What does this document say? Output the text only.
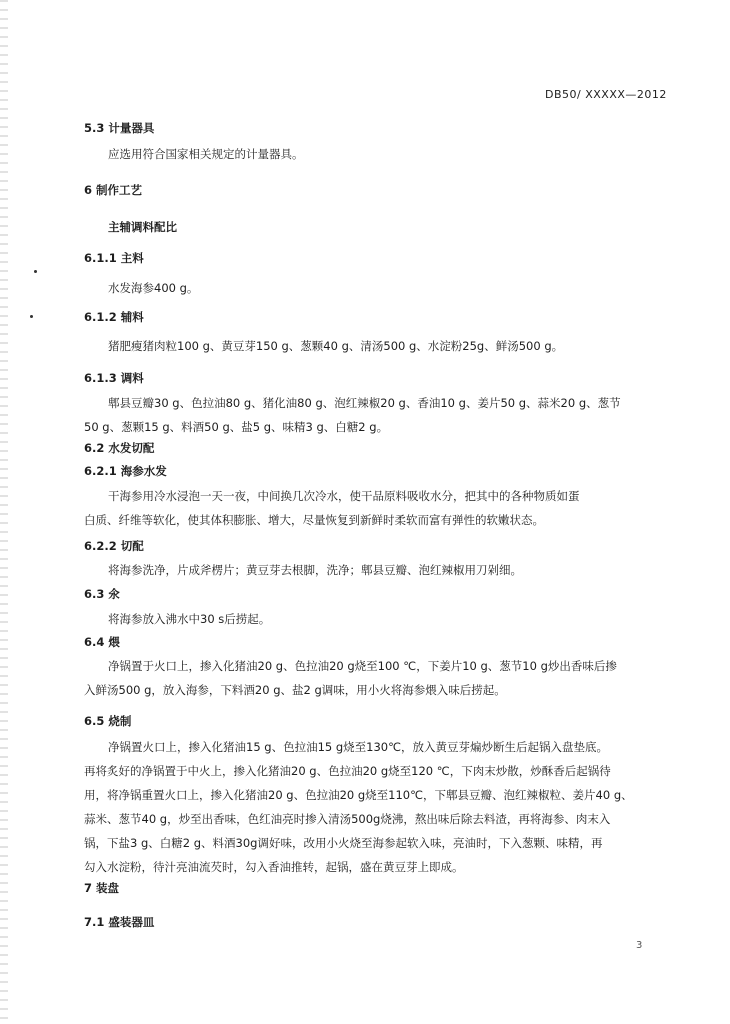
DB50/ XXXXX—2012
5.3 计量器具
应选用符合国家相关规定的计量器具。
6 制作工艺
主辅调料配比
6.1.1 主料
水发海参400 g。
6.1.2 辅料
猪肥瘦猪肉粒100 g、黄豆芽150 g、葱颗40 g、清汤500 g、水淀粉25g、鲜汤500 g。
6.1.3 调料
郫县豆瓣30 g、色拉油80 g、猪化油80 g、泡红辣椒20 g、香油10 g、姜片50 g、蒜米20 g、葱节
50 g、葱颗15 g、料酒50 g、盐5 g、味精3 g、白糖2 g。
6.2 水发切配
6.2.1 海参水发
干海参用冷水浸泡一天一夜，中间换几次冷水，使干品原料吸收水分，把其中的各种物质如蛋
白质、纤维等软化，使其体积膨胀、增大，尽量恢复到新鲜时柔软而富有弹性的软嫩状态。
6.2.2 切配
将海参洗净，片成斧楞片；黄豆芽去根脚，洗净；郫县豆瓣、泡红辣椒用刀剁细。
6.3 氽
将海参放入沸水中30 s后捞起。
6.4 煨
净锅置于火口上，掺入化猪油20 g、色拉油20 g烧至100 ℃，下姜片10 g、葱节10 g炒出香味后掺
入鲜汤500 g，放入海参，下料酒20 g、盐2 g调味，用小火将海参煨入味后捞起。
6.5 烧制
净锅置火口上，掺入化猪油15 g、色拉油15 g烧至130℃，放入黄豆芽煸炒断生后起锅入盘垫底。
再将炙好的净锅置于中火上，掺入化猪油20 g、色拉油20 g烧至120 ℃，下肉末炒散，炒酥香后起锅待
用，将净锅重置火口上，掺入化猪油20 g、色拉油20 g烧至110℃，下郫县豆瓣、泡红辣椒粒、姜片40 g、
蒜米、葱节40 g，炒至出香味，色红油亮时掺入清汤500g烧沸，熬出味后除去料渣，再将海参、肉末入
锅，下盐3 g、白糖2 g、料酒30g调好味，改用小火烧至海参起软入味，亮油时，下入葱颗、味精，再
勾入水淀粉，待汁亮油流芡时，勾入香油推转，起锅，盛在黄豆芽上即成。
7 装盘
7.1 盛装器皿
3
